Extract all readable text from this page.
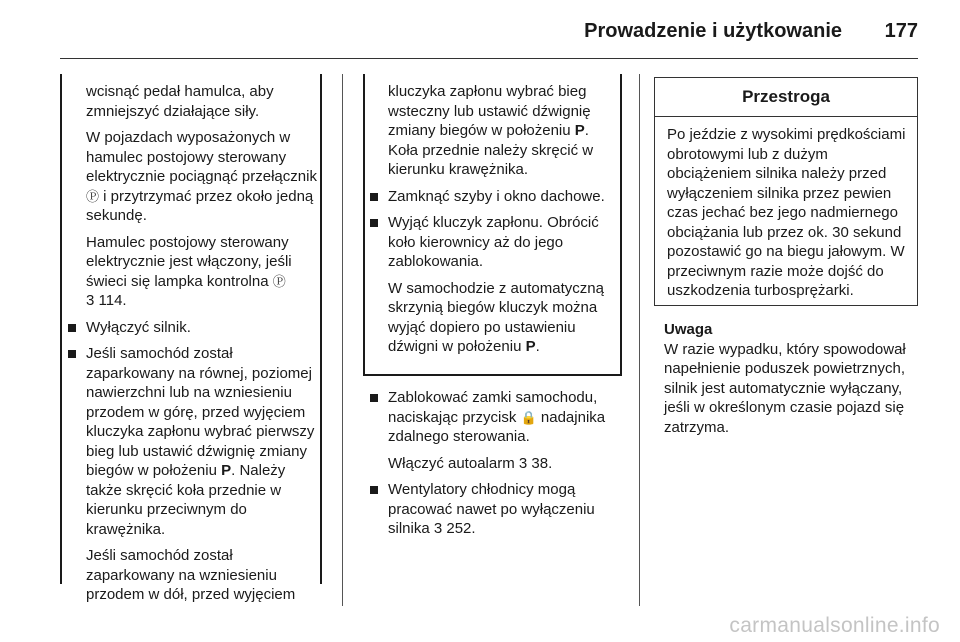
Prowadzenie i użytkowanie 177

wcisnąć pedał hamulca, aby zmniejszyć działające siły.

W pojazdach wyposażonych w hamulec postojowy sterowany elektrycznie pociągnąć przełącznik Ⓟ i przytrzymać przez około jedną sekundę.

Hamulec postojowy sterowany elektrycznie jest włączony, jeśli świeci się lampka kontrolna Ⓟ
3 114.

Wyłączyć silnik.

Jeśli samochód został zaparkowany na równej, poziomej nawierzchni lub na wzniesieniu przodem w górę, przed wyjęciem kluczyka zapłonu wybrać pierwszy bieg lub ustawić dźwignię zmiany biegów w położeniu P. Należy także skręcić koła przednie w kierunku przeciwnym do krawężnika.

Jeśli samochód został zaparkowany na wzniesieniu przodem w dół, przed wyjęciem

kluczyka zapłonu wybrać bieg wsteczny lub ustawić dźwignię zmiany biegów w położeniu P. Koła przednie należy skręcić w kierunku krawężnika.

Zamknąć szyby i okno dachowe.

Wyjąć kluczyk zapłonu. Obrócić koło kierownicy aż do jego zablokowania.

W samochodzie z automatyczną skrzynią biegów kluczyk można wyjąć dopiero po ustawieniu dźwigni w położeniu P.

Zablokować zamki samochodu, naciskając przycisk 🔒 nadajnika zdalnego sterowania.

Włączyć autoalarm 3 38.

Wentylatory chłodnicy mogą pracować nawet po wyłączeniu silnika 3 252.

Przestroga
Po jeździe z wysokimi prędkościami obrotowymi lub z dużym obciążeniem silnika należy przed wyłączeniem silnika przez pewien czas jechać bez jego nadmiernego obciążania lub przez ok. 30 sekund pozostawić go na biegu jałowym. W przeciwnym razie może dojść do uszkodzenia turbosprężarki.
Uwaga
W razie wypadku, który spowodował napełnienie poduszek powietrznych, silnik jest automatycznie wyłączany, jeśli w określonym czasie pojazd się zatrzyma.
carmanualsonline.info
